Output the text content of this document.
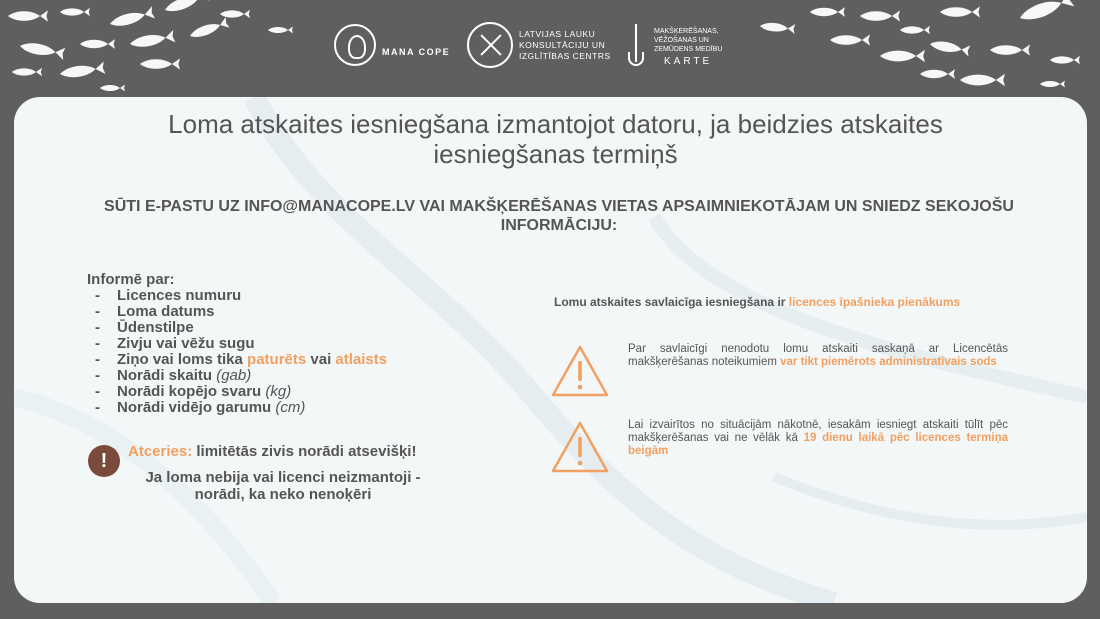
MANA COPE
LATVIJAS LAUKU
KONSULTĀCIJU UN
IZGLĪTĪBAS CENTRS
MAKŠĶERĒŠANAS,
VĒŽOŠANAS UN
ZEMŪDENS MEDĪBU
KARTE
Loma atskaites iesniegšana izmantojot datoru, ja beidzies atskaites iesniegšanas termiņš
SŪTI E-PASTU UZ INFO@MANACOPE.LV VAI MAKŠĶERĒŠANAS VIETAS APSAIMNIEKOTĀJAM UN SNIEDZ SEKOJOŠU INFORMĀCIJU:
Informē par:
- Licences numuru
- Loma datums
- Ūdenstilpe
- Zivju vai vēžu sugu
- Ziņo vai loms tika paturēts vai atlaists
- Norādi skaitu (gab)
- Norādi kopējo svaru (kg)
- Norādi vidējo garumu (cm)
!	Atceries: limitētās zivis norādi atsevišķi!
Ja loma nebija vai licenci neizmantoji - norādi, ka neko nenoķēri
Lomu atskaites savlaicīga iesniegšana ir licences īpašnieka pienākums
Par savlaicīgi nenodotu lomu atskaiti saskaņā ar Licencētās makšķerēšanas noteikumiem var tikt piemērots administratīvais sods
Lai izvairītos no situācijām nākotnē, iesakām iesniegt atskaiti tūlīt pēc makšķerēšanas vai ne vēlāk kā 19 dienu laikā pēc licences termiņa beigām
